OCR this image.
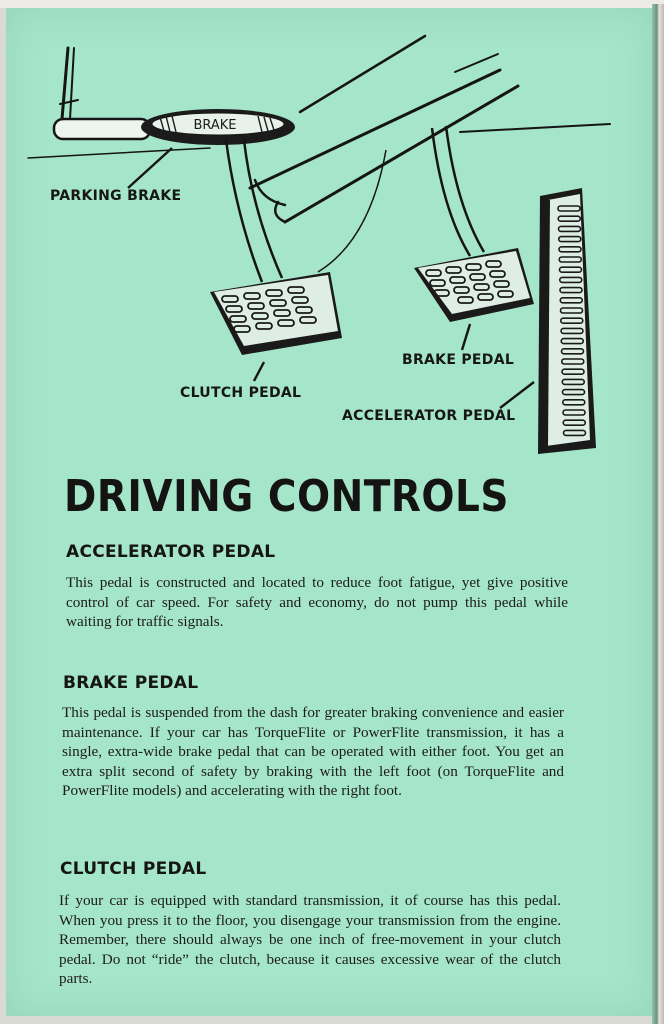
BRAKE
PARKING BRAKE
CLUTCH PEDAL
BRAKE PEDAL
ACCELERATOR PEDAL
DRIVING CONTROLS
ACCELERATOR PEDAL

This pedal is constructed and located to reduce foot fatigue, yet give positive control of car speed. For safety and economy, do not pump this pedal while waiting for traffic signals.

BRAKE PEDAL

This pedal is suspended from the dash for greater braking convenience and easier maintenance. If your car has TorqueFlite or PowerFlite transmission, it has a single, extra-wide brake pedal that can be operated with either foot. You get an extra split second of safety by braking with the left foot (on TorqueFlite and PowerFlite models) and accelerating with the right foot.

CLUTCH PEDAL

If your car is equipped with standard transmission, it of course has this pedal. When you press it to the floor, you disengage your transmission from the engine. Remember, there should always be one inch of free-movement in your clutch pedal. Do not “ride” the clutch, because it causes excessive wear of the clutch parts.
